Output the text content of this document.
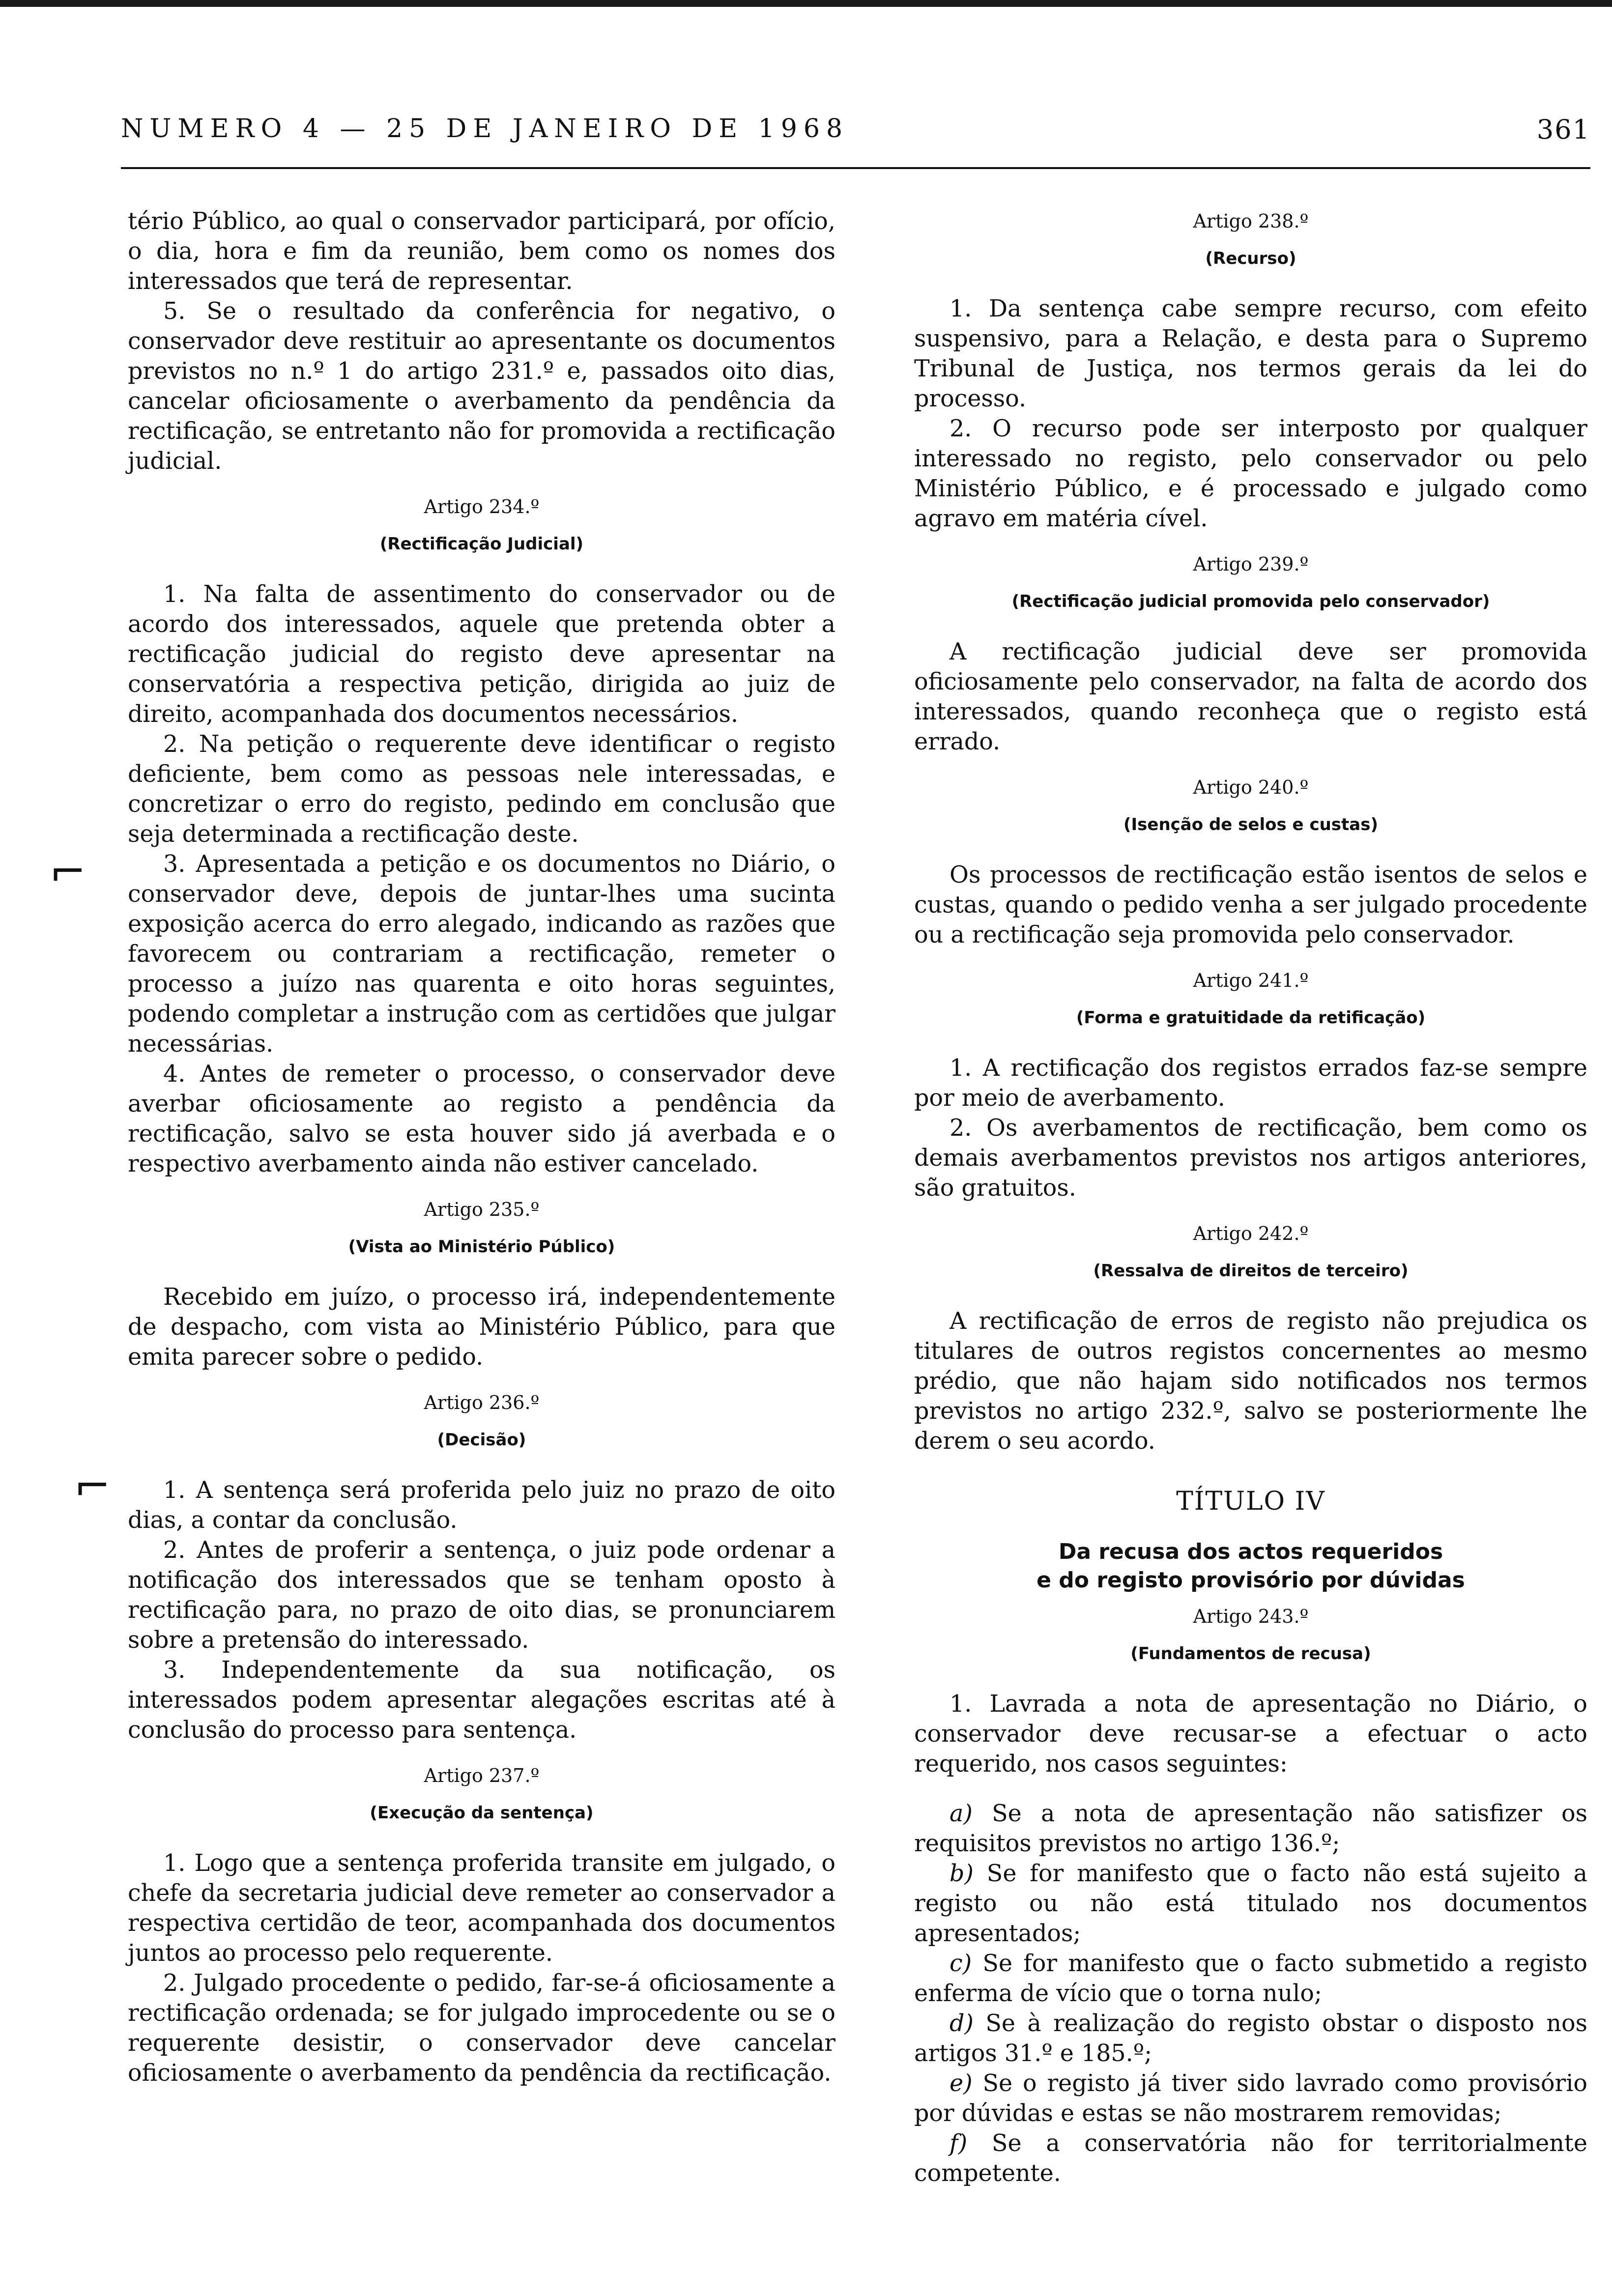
NUMERO 4 — 25 DE JANEIRO DE 1968	361
⌐
⌐

tério Público, ao qual o conservador participará, por ofício, o dia, hora e fim da reunião, bem como os nomes dos interessados que terá de representar.

5. Se o resultado da conferência for negativo, o conservador deve restituir ao apresentante os documentos previstos no n.º 1 do artigo 231.º e, passados oito dias, cancelar oficiosamente o averbamento da pendência da rectificação, se entretanto não for promovida a rectificação judicial.

Artigo 234.º
(Rectificação Judicial)

1. Na falta de assentimento do conservador ou de acordo dos interessados, aquele que pretenda obter a rectificação judicial do registo deve apresentar na conservatória a respectiva petição, dirigida ao juiz de direito, acompanhada dos documentos necessários.

2. Na petição o requerente deve identificar o registo deficiente, bem como as pessoas nele interessadas, e concretizar o erro do registo, pedindo em conclusão que seja determinada a rectificação deste.

3. Apresentada a petição e os documentos no Diário, o conservador deve, depois de juntar-lhes uma sucinta exposição acerca do erro alegado, indicando as razões que favorecem ou contrariam a rectificação, remeter o processo a juízo nas quarenta e oito horas seguintes, podendo completar a instrução com as certidões que julgar necessárias.

4. Antes de remeter o processo, o conservador deve averbar oficiosamente ao registo a pendência da rectificação, salvo se esta houver sido já averbada e o respectivo averbamento ainda não estiver cancelado.

Artigo 235.º
(Vista ao Ministério Público)

Recebido em juízo, o processo irá, independentemente de despacho, com vista ao Ministério Público, para que emita parecer sobre o pedido.

Artigo 236.º
(Decisão)

1. A sentença será proferida pelo juiz no prazo de oito dias, a contar da conclusão.

2. Antes de proferir a sentença, o juiz pode ordenar a notificação dos interessados que se tenham oposto à rectificação para, no prazo de oito dias, se pronunciarem sobre a pretensão do interessado.

3. Independentemente da sua notificação, os interessados podem apresentar alegações escritas até à conclusão do processo para sentença.

Artigo 237.º
(Execução da sentença)

1. Logo que a sentença proferida transite em julgado, o chefe da secretaria judicial deve remeter ao conservador a respectiva certidão de teor, acompanhada dos documentos juntos ao processo pelo requerente.

2. Julgado procedente o pedido, far-se-á oficiosamente a rectificação ordenada; se for julgado improcedente ou se o requerente desistir, o conservador deve cancelar oficiosamente o averbamento da pendência da rectificação.

Artigo 238.º
(Recurso)

1. Da sentença cabe sempre recurso, com efeito suspensivo, para a Relação, e desta para o Supremo Tribunal de Justiça, nos termos gerais da lei do processo.

2. O recurso pode ser interposto por qualquer interessado no registo, pelo conservador ou pelo Ministério Público, e é processado e julgado como agravo em matéria cível.

Artigo 239.º
(Rectificação judicial promovida pelo conservador)

A rectificação judicial deve ser promovida oficiosamente pelo conservador, na falta de acordo dos interessados, quando reconheça que o registo está errado.

Artigo 240.º
(Isenção de selos e custas)

Os processos de rectificação estão isentos de selos e custas, quando o pedido venha a ser julgado procedente ou a rectificação seja promovida pelo conservador.

Artigo 241.º
(Forma e gratuitidade da retificação)

1. A rectificação dos registos errados faz-se sempre por meio de averbamento.

2. Os averbamentos de rectificação, bem como os demais averbamentos previstos nos artigos anteriores, são gratuitos.

Artigo 242.º
(Ressalva de direitos de terceiro)

A rectificação de erros de registo não prejudica os titulares de outros registos concernentes ao mesmo prédio, que não hajam sido notificados nos termos previstos no artigo 232.º, salvo se posteriormente lhe derem o seu acordo.

TÍTULO IV
Da recusa dos actos requeridos
e do registo provisório por dúvidas
Artigo 243.º
(Fundamentos de recusa)

1. Lavrada a nota de apresentação no Diário, o conservador deve recusar-se a efectuar o acto requerido, nos casos seguintes:

a) Se a nota de apresentação não satisfizer os requisitos previstos no artigo 136.º;

b) Se for manifesto que o facto não está sujeito a registo ou não está titulado nos documentos apresentados;

c) Se for manifesto que o facto submetido a registo enferma de vício que o torna nulo;

d) Se à realização do registo obstar o disposto nos artigos 31.º e 185.º;

e) Se o registo já tiver sido lavrado como provisório por dúvidas e estas se não mostrarem removidas;

f) Se a conservatória não for territorialmente competente.
